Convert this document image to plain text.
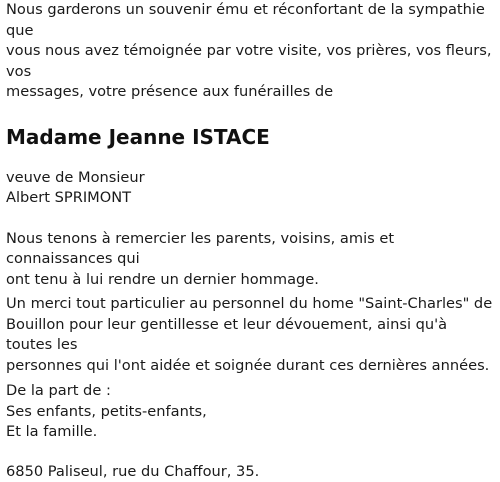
Nous garderons un souvenir ému et réconfortant de la sympathie que
vous nous avez témoignée par votre visite, vos prières, vos fleurs, vos
messages, votre présence aux funérailles de

Madame Jeanne ISTACE

veuve de Monsieur
Albert SPRIMONT

Nous tenons à remercier les parents, voisins, amis et connaissances qui
ont tenu à lui rendre un dernier hommage.

Un merci tout particulier au personnel du home "Saint-Charles" de
Bouillon pour leur gentillesse et leur dévouement, ainsi qu'à toutes les
personnes qui l'ont aidée et soignée durant ces dernières années.

De la part de :
Ses enfants, petits-enfants,
Et la famille.

6850 Paliseul, rue du Chaffour, 35.
